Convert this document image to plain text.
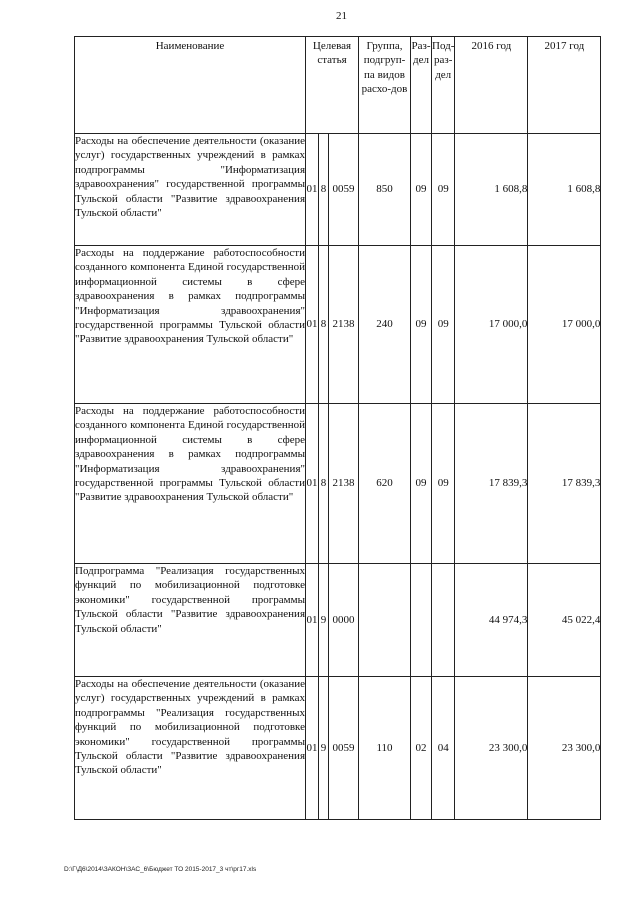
21
Наименование	Целевая статья			Группа, подгруп-па видов расхо-дов	Раз-дел	Под-раз-дел	2016 год	2017 год
Расходы на обеспечение деятельности (оказание услуг) государственных учреждений в рамках подпрограммы "Информатизация здравоохранения" государственной программы Тульской области "Развитие здравоохранения Тульской области"	01	8	0059	850	09	09	1 608,8	1 608,8
Расходы на поддержание работоспособности созданного компонента Единой государственной информационной системы в сфере здравоохранения в рамках подпрограммы "Информатизация здравоохранения" государственной программы Тульской области "Развитие здравоохранения Тульской области"	01	8	2138	240	09	09	17 000,0	17 000,0
Расходы на поддержание работоспособности созданного компонента Единой государственной информационной системы в сфере здравоохранения в рамках подпрограммы "Информатизация здравоохранения" государственной программы Тульской области "Развитие здравоохранения Тульской области"	01	8	2138	620	09	09	17 839,3	17 839,3
Подпрограмма "Реализация государственных функций по мобилизационной подготовке экономики" государственной программы Тульской области "Развитие здравоохранения Тульской области"	01	9	0000				44 974,3	45 022,4
Расходы на обеспечение деятельности (оказание услуг) государственных учреждений в рамках подпрограммы "Реализация государственных функций по мобилизационной подготовке экономики" государственной программы Тульской области "Развитие здравоохранения Тульской области"	01	9	0059	110	02	04	23 300,0	23 300,0
D:\Г\Д6\2014\ЗАКОН\ЗАС_6\Бюджет ТО 2015-2017_3 чт\рг17.xls
